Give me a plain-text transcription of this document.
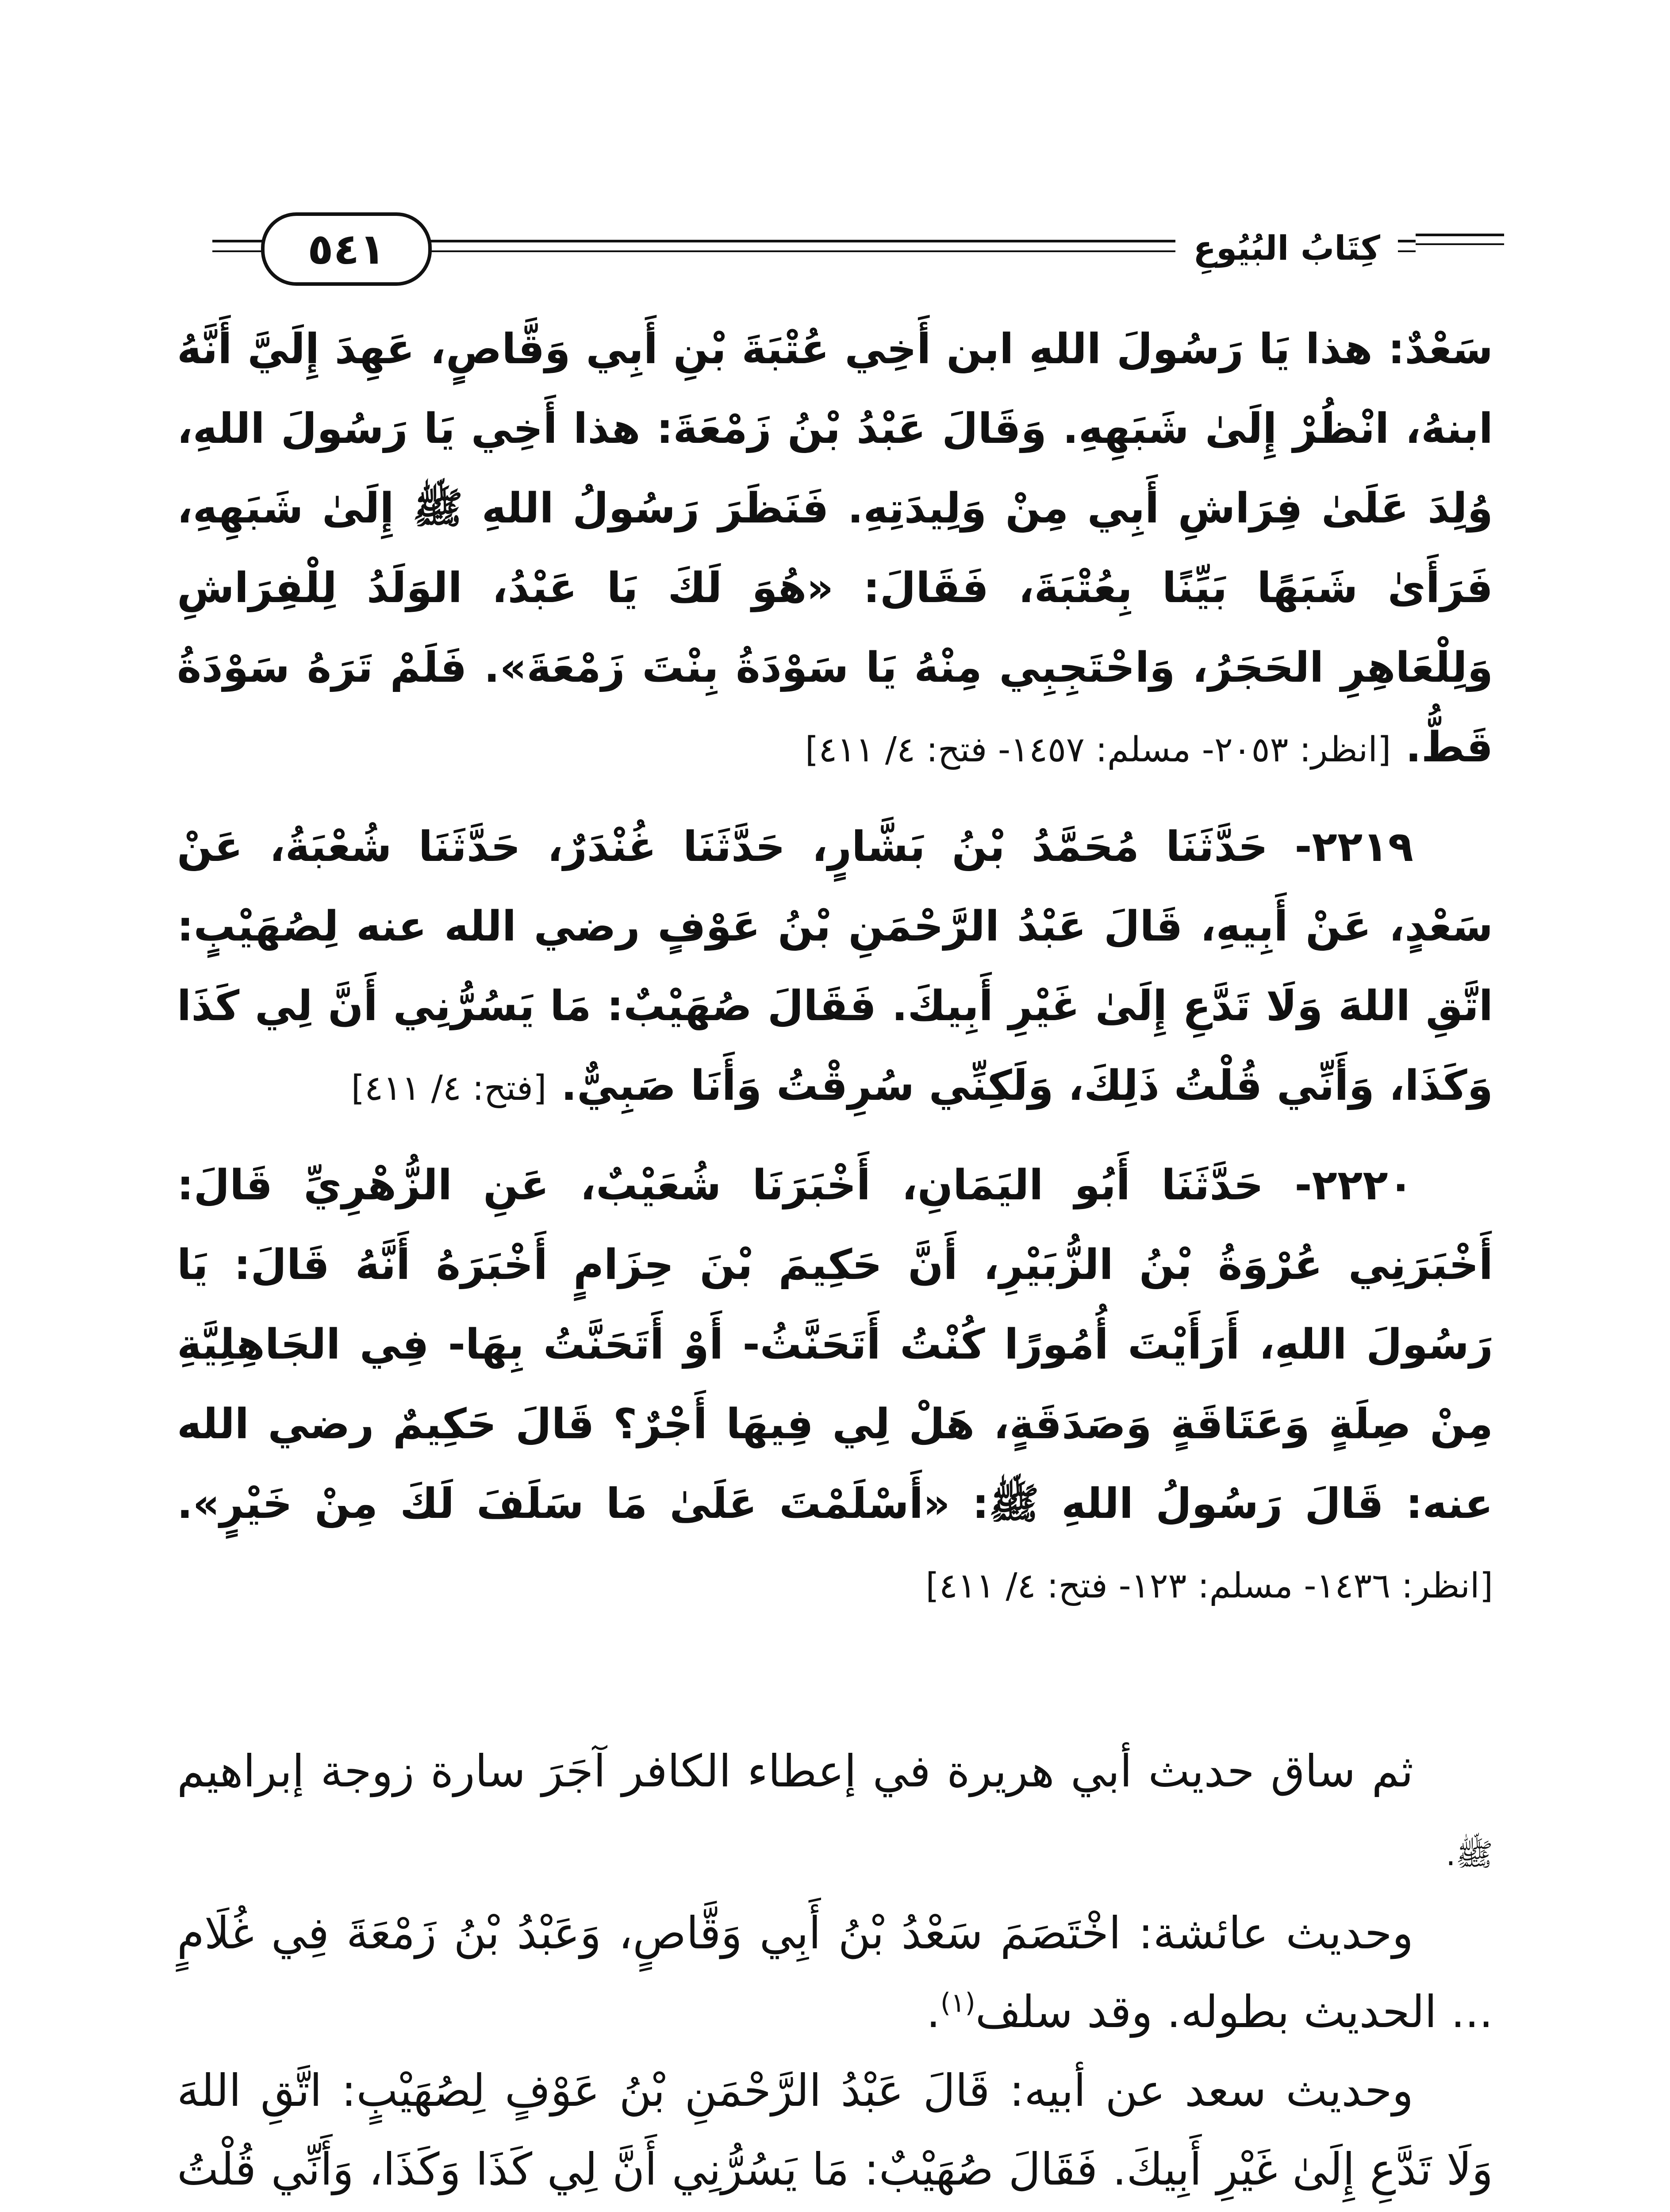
٥٤١	كِتَابُ البُيُوعِ

سَعْدٌ: هذا يَا رَسُولَ اللهِ ابن أَخِي عُتْبَةَ بْنِ أَبِي وَقَّاصٍ، عَهِدَ إِلَيَّ أَنَّهُ ابنهُ، انْظُرْ إِلَىٰ شَبَهِهِ. وَقَالَ عَبْدُ بْنُ زَمْعَةَ: هذا أَخِي يَا رَسُولَ اللهِ، وُلِدَ عَلَىٰ فِرَاشِ أَبِي مِنْ وَلِيدَتِهِ. فَنَظَرَ رَسُولُ اللهِ ﷺ إِلَىٰ شَبَهِهِ، فَرَأَىٰ شَبَهًا بَيِّنًا بِعُتْبَةَ، فَقَالَ: «هُوَ لَكَ يَا عَبْدُ، الوَلَدُ لِلْفِرَاشِ وَلِلْعَاهِرِ الحَجَرُ، وَاحْتَجِبِي مِنْهُ يَا سَوْدَةُ بِنْتَ زَمْعَةَ». فَلَمْ تَرَهُ سَوْدَةُ قَطُّ. [انظر: ٢٠٥٣- مسلم: ١٤٥٧- فتح: ٤/ ٤١١]

٢٢١٩- حَدَّثَنَا مُحَمَّدُ بْنُ بَشَّارٍ، حَدَّثَنَا غُنْدَرٌ، حَدَّثَنَا شُعْبَةُ، عَنْ سَعْدٍ، عَنْ أَبِيهِ، قَالَ عَبْدُ الرَّحْمَنِ بْنُ عَوْفٍ رضي الله عنه لِصُهَيْبٍ: اتَّقِ اللهَ وَلَا تَدَّعِ إِلَىٰ غَيْرِ أَبِيكَ. فَقَالَ صُهَيْبٌ: مَا يَسُرُّنِي أَنَّ لِي كَذَا وَكَذَا، وَأَنِّي قُلْتُ ذَلِكَ، وَلَكِنِّي سُرِقْتُ وَأَنَا صَبِيٌّ. [فتح: ٤/ ٤١١]

٢٢٢٠- حَدَّثَنَا أَبُو اليَمَانِ، أَخْبَرَنَا شُعَيْبٌ، عَنِ الزُّهْرِيِّ قَالَ: أَخْبَرَنِي عُرْوَةُ بْنُ الزُّبَيْرِ، أَنَّ حَكِيمَ بْنَ حِزَامٍ أَخْبَرَهُ أَنَّهُ قَالَ: يَا رَسُولَ اللهِ، أَرَأَيْتَ أُمُورًا كُنْتُ أَتَحَنَّثُ- أَوْ أَتَحَنَّتُ بِهَا- فِي الجَاهِلِيَّةِ مِنْ صِلَةٍ وَعَتَاقَةٍ وَصَدَقَةٍ، هَلْ لِي فِيهَا أَجْرٌ؟ قَالَ حَكِيمٌ رضي الله عنه: قَالَ رَسُولُ اللهِ ﷺ: «أَسْلَمْتَ عَلَىٰ مَا سَلَفَ لَكَ مِنْ خَيْرٍ». [انظر: ١٤٣٦- مسلم: ١٢٣- فتح: ٤/ ٤١١]

ثم ساق حديث أبي هريرة في إعطاء الكافر آجَرَ سارة زوجة إبراهيم ﷺ.

وحديث عائشة: اخْتَصَمَ سَعْدُ بْنُ أَبِي وَقَّاصٍ، وَعَبْدُ بْنُ زَمْعَةَ فِي غُلَامٍ ... الحديث بطوله. وقد سلف$^{(١)}$.

وحديث سعد عن أبيه: قَالَ عَبْدُ الرَّحْمَنِ بْنُ عَوْفٍ لِصُهَيْبٍ: اتَّقِ اللهَ وَلَا تَدَّعِ إِلَىٰ غَيْرِ أَبِيكَ. فَقَالَ صُهَيْبٌ: مَا يَسُرُّنِي أَنَّ لِي كَذَا وَكَذَا، وَأَنِّي قُلْتُ
